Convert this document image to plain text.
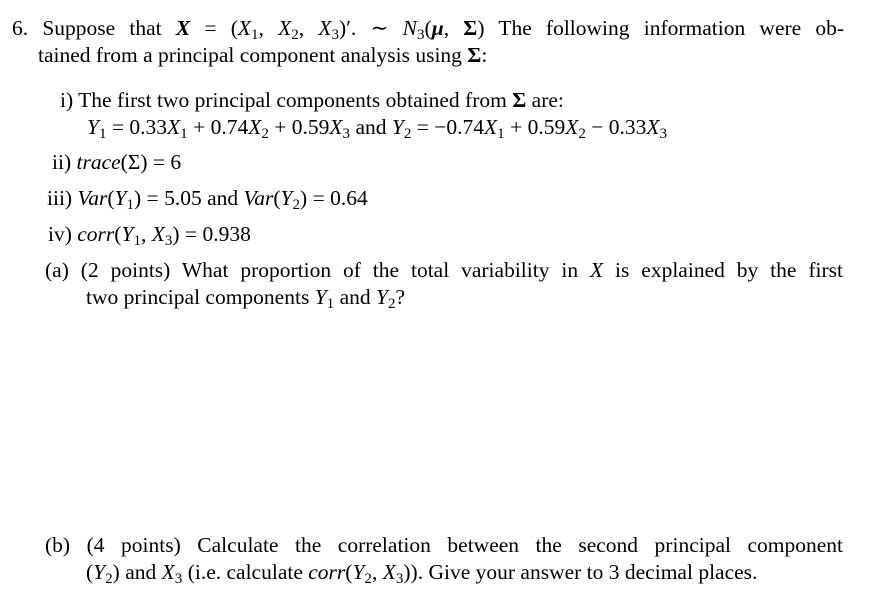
6. Suppose that $X = (X_1$, $X_2$, $X_3)'$. ∼ $N_3(\mu$, Σ) The following information were ob-
tained from a principal component analysis using Σ:
i) The first two principal components obtained from Σ are:
$Y_1 = 0.33X_1 + 0.74X_2 + 0.59X_3$ and $Y_2 = -0.74X_1 + 0.59X_2 - 0.33X_3$
ii) trace(Σ) = 6
iii) $Var(Y_1) = 5.05$ and $Var(Y_2) = 0.64$
iv) $corr(Y_1$, $X_3) = 0.938$
(a) (2 points) What proportion of the total variability in X is explained by the first
two principal components $Y_1$ and $Y_2$?
(b) (4 points) Calculate the correlation between the second principal component
$(Y_2)$ and $X_3$ (i.e. calculate $corr(Y_2$, $X_3$)). Give your answer to 3 decimal places.
